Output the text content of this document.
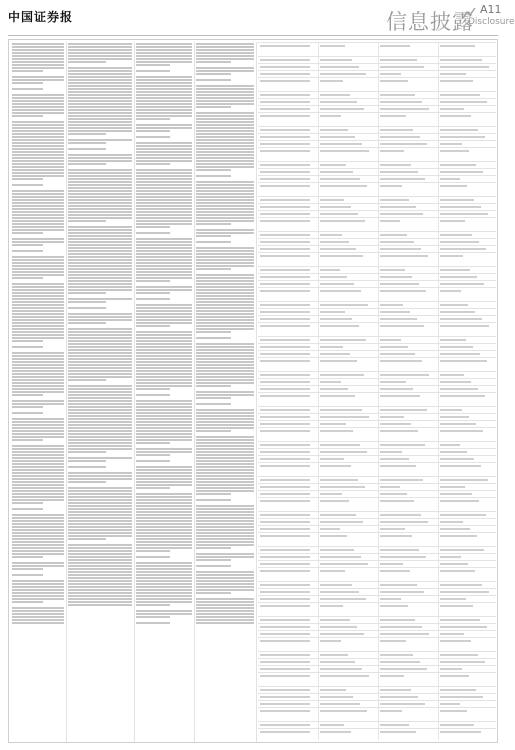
中国证券报	信息披露
A11
Disclosure
